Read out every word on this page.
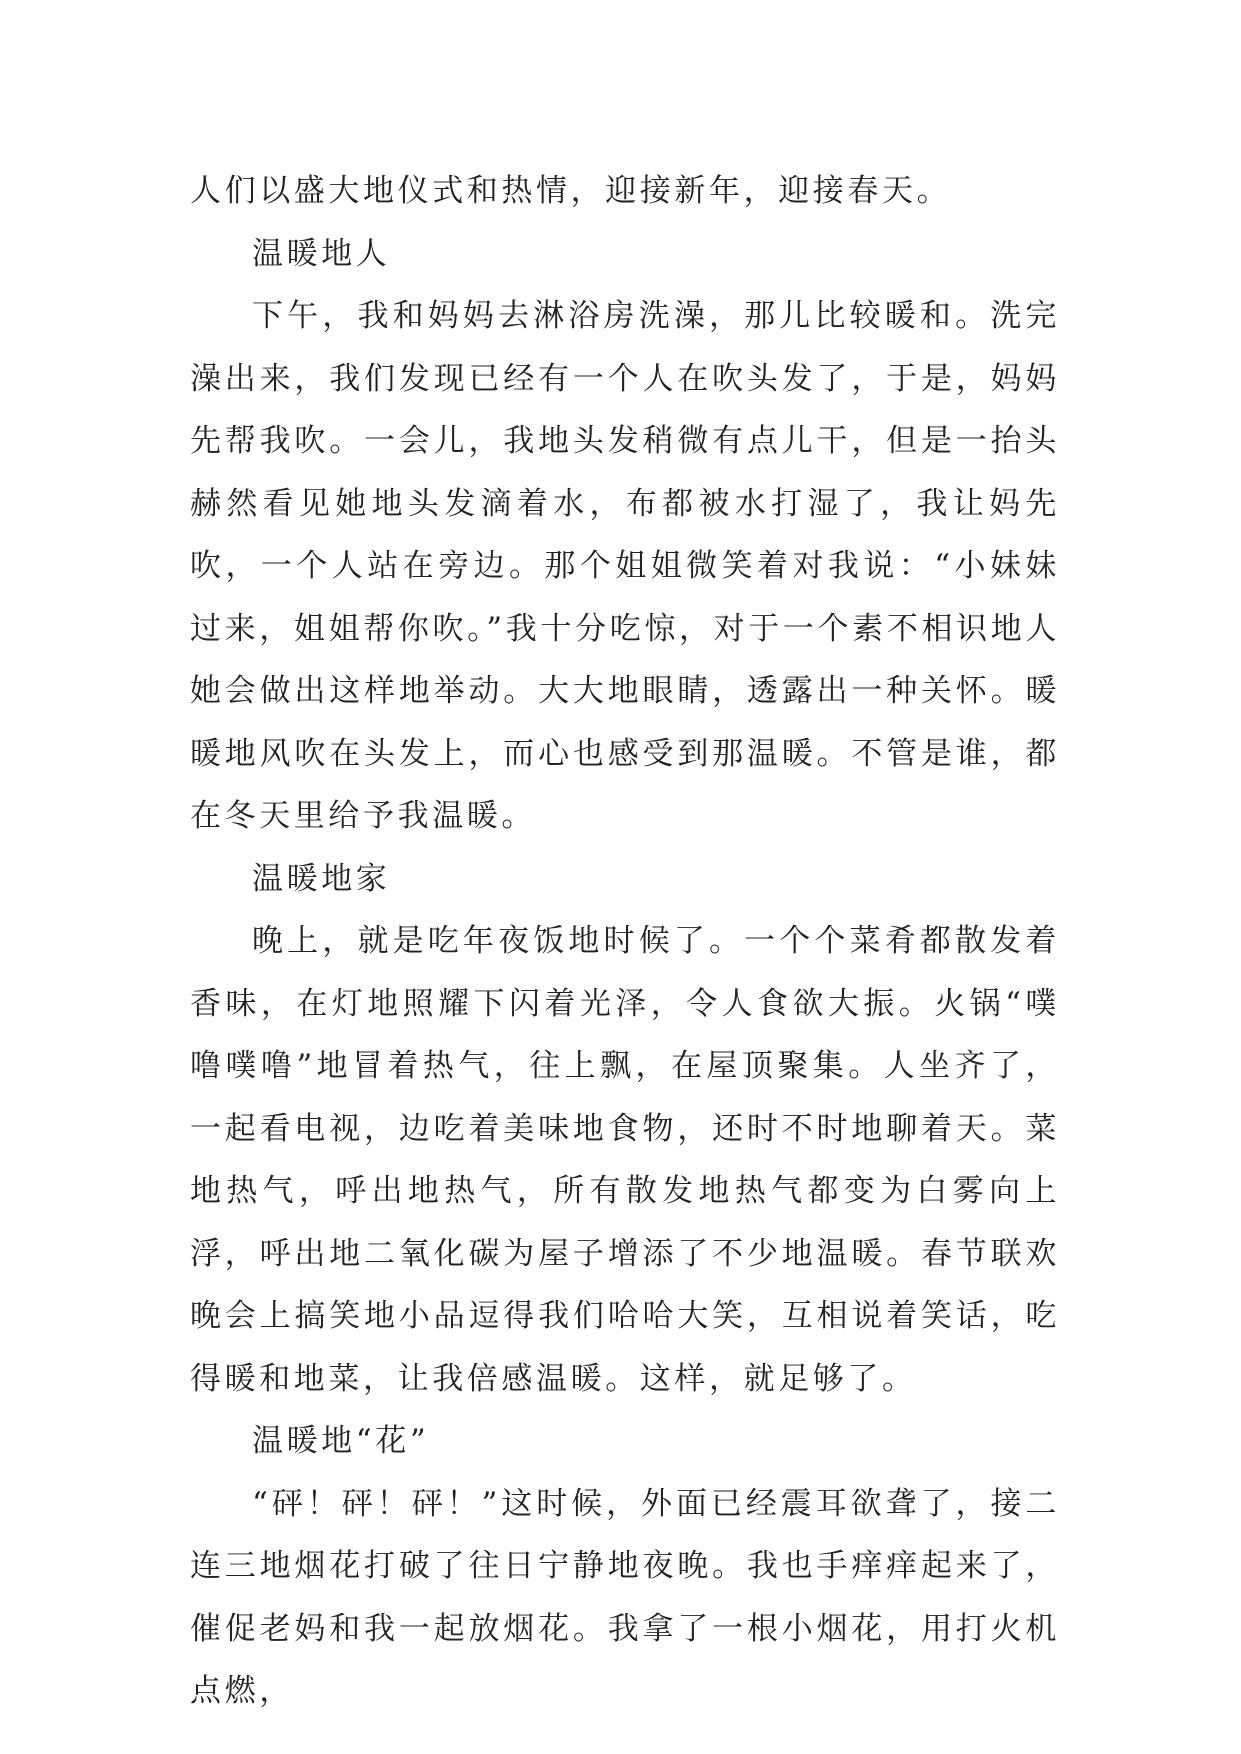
人们以盛大地仪式和热情，迎接新年，迎接春天。

温暖地人

下午，我和妈妈去淋浴房洗澡，那儿比较暖和。洗完澡出来，我们发现已经有一个人在吹头发了，于是，妈妈先帮我吹。一会儿，我地头发稍微有点儿干，但是一抬头赫然看见她地头发滴着水，布都被水打湿了，我让妈先吹，一个人站在旁边。那个姐姐微笑着对我说：“小妹妹过来，姐姐帮你吹。”我十分吃惊，对于一个素不相识地人她会做出这样地举动。大大地眼睛，透露出一种关怀。暖暖地风吹在头发上，而心也感受到那温暖。不管是谁，都在冬天里给予我温暖。

温暖地家

晚上，就是吃年夜饭地时候了。一个个菜肴都散发着香味，在灯地照耀下闪着光泽，令人食欲大振。火锅“噗噜噗噜”地冒着热气，往上飘，在屋顶聚集。人坐齐了，一起看电视，边吃着美味地食物，还时不时地聊着天。菜地热气，呼出地热气，所有散发地热气都变为白雾向上浮，呼出地二氧化碳为屋子增添了不少地温暖。春节联欢晚会上搞笑地小品逗得我们哈哈大笑，互相说着笑话，吃得暖和地菜，让我倍感温暖。这样，就足够了。

温暖地“花”

“砰！砰！砰！”这时候，外面已经震耳欲聋了，接二连三地烟花打破了往日宁静地夜晚。我也手痒痒起来了，催促老妈和我一起放烟花。我拿了一根小烟花，用打火机点燃，
